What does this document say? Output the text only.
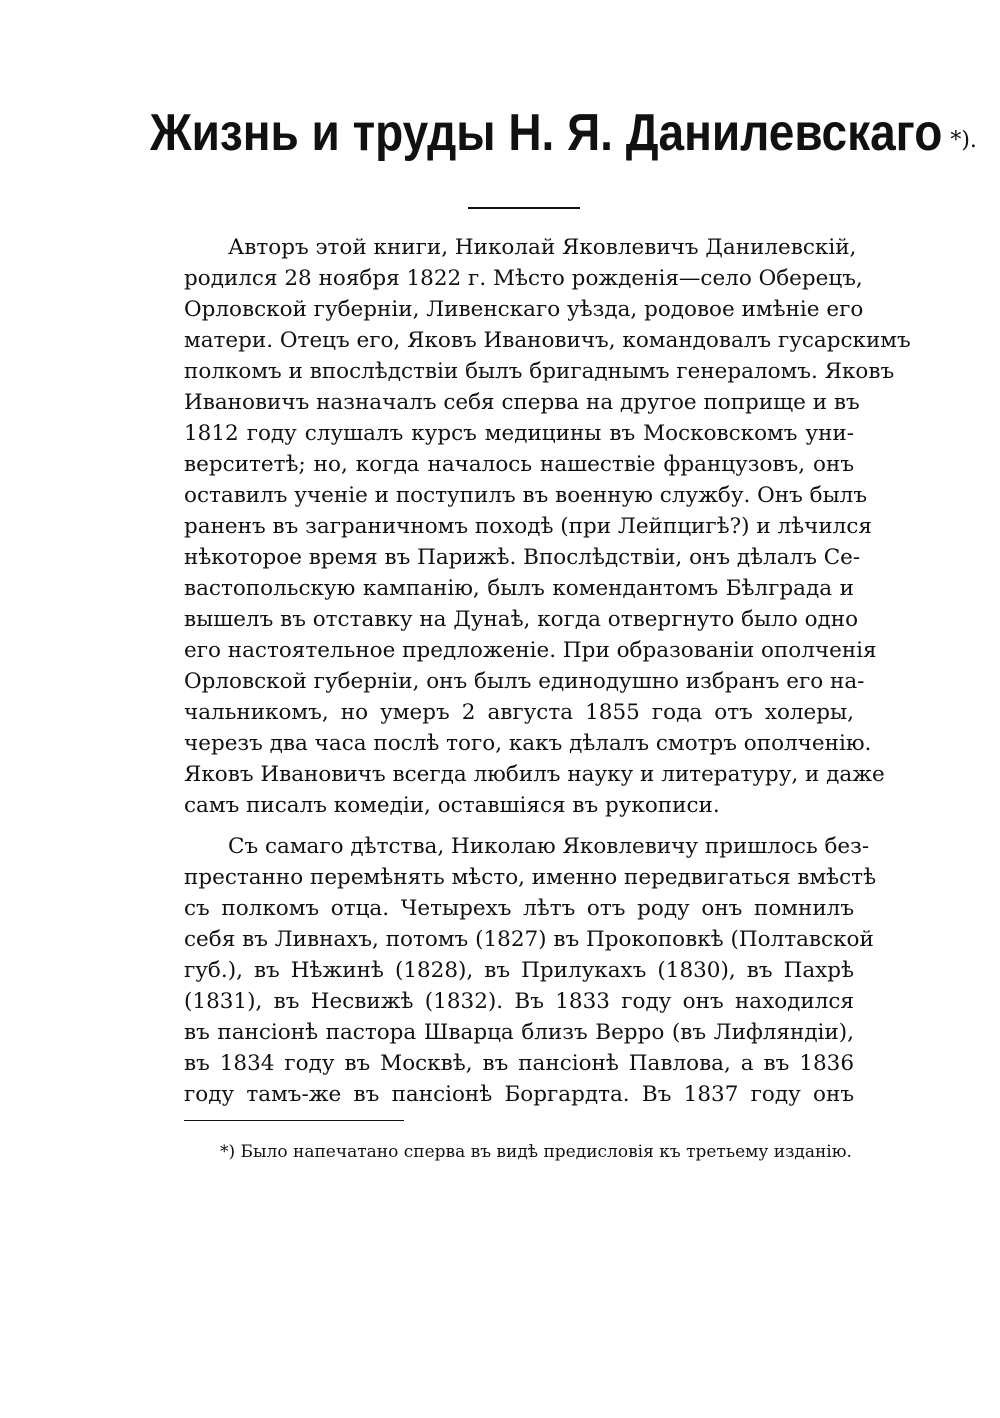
Жизнь и труды Н. Я. Данилевскаго *).
Авторъ этой книги, Николай Яковлевичъ Данилевскій,
родился 28 ноября 1822 г. Мѣсто рожденія—село Оберецъ,
Орловской губерніи, Ливенскаго уѣзда, родовое имѣніе его
матери. Отецъ его, Яковъ Ивановичъ, командовалъ гусарскимъ
полкомъ и впослѣдствіи былъ бригаднымъ генераломъ. Яковъ
Ивановичъ назначалъ себя сперва на другое поприще и въ
1812 году слушалъ курсъ медицины въ Московскомъ уни-
верситетѣ; но, когда началось нашествіе французовъ, онъ
оставилъ ученіе и поступилъ въ военную службу. Онъ былъ
раненъ въ заграничномъ походѣ (при Лейпцигѣ?) и лѣчился
нѣкоторое время въ Парижѣ. Впослѣдствіи, онъ дѣлалъ Се-
вастопольскую кампанію, былъ комендантомъ Бѣлграда и
вышелъ въ отставку на Дунаѣ, когда отвергнуто было одно
его настоятельное предложеніе. При образованіи ополченія
Орловской губерніи, онъ былъ единодушно избранъ его на-
чальникомъ, но умеръ 2 августа 1855 года отъ холеры,
черезъ два часа послѣ того, какъ дѣлалъ смотръ ополченію.
Яковъ Ивановичъ всегда любилъ науку и литературу, и даже
самъ писалъ комедіи, оставшіяся въ рукописи.
Съ самаго дѣтства, Николаю Яковлевичу пришлось без-
престанно перемѣнять мѣсто, именно передвигаться вмѣстѣ
съ полкомъ отца. Четырехъ лѣтъ отъ роду онъ помнилъ
себя въ Ливнахъ, потомъ (1827) въ Прокоповкѣ (Полтавской
губ.), въ Нѣжинѣ (1828), въ Прилукахъ (1830), въ Пахрѣ
(1831), въ Несвижѣ (1832). Въ 1833 году онъ находился
въ пансіонѣ пастора Шварца близъ Верро (въ Лифляндіи),
въ 1834 году въ Москвѣ, въ пансіонѣ Павлова, а въ 1836
году тамъ-же въ пансіонѣ Боргардта. Въ 1837 году онъ
*) Было напечатано сперва въ видѣ предисловія къ третьему изданію.
